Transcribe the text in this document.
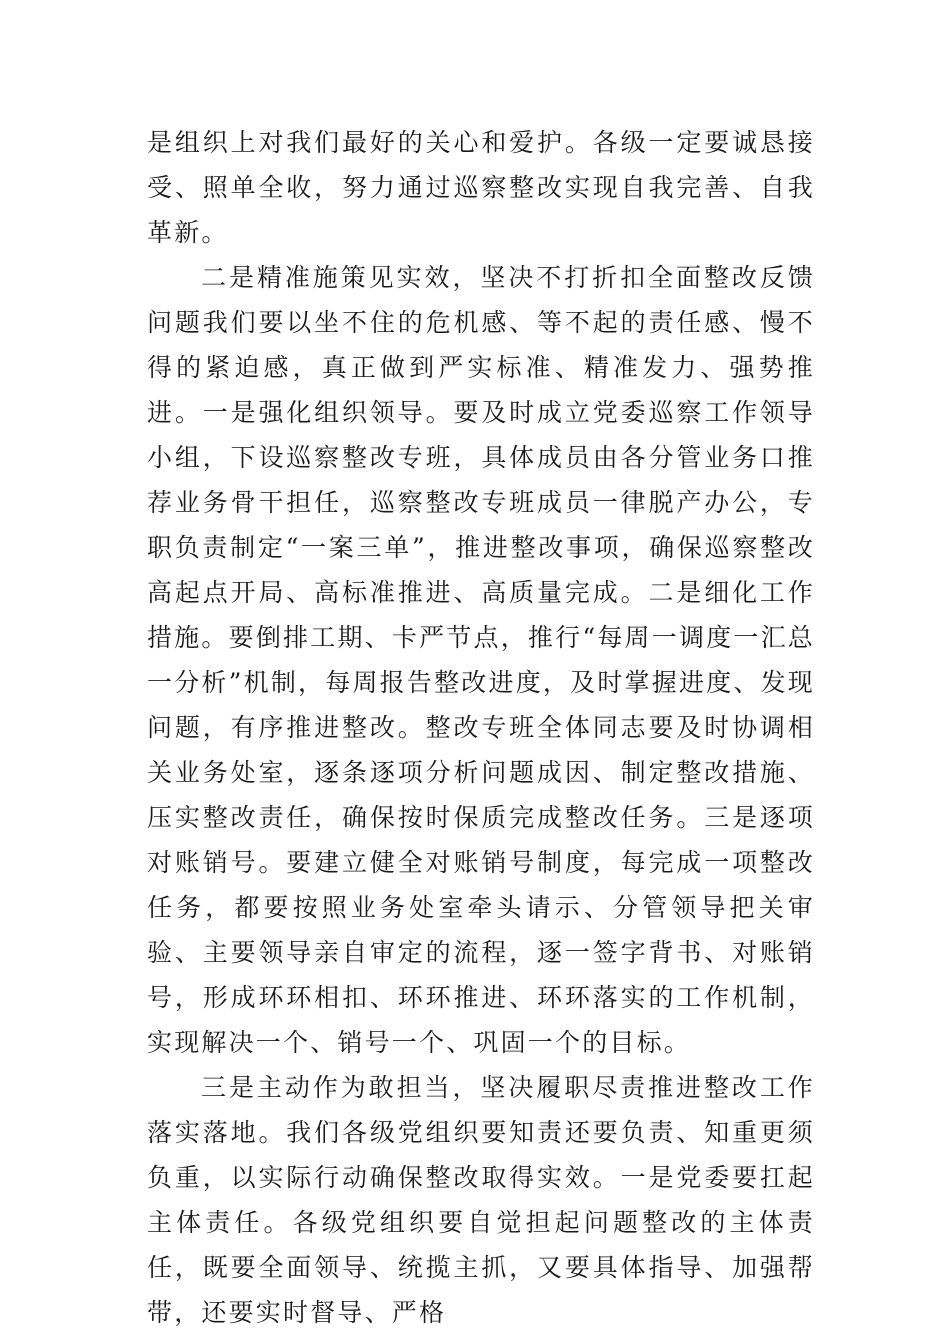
是组织上对我们最好的关心和爱护。各级一定要诚恳接受、照单全收，努力通过巡察整改实现自我完善、自我革新。

二是精准施策见实效，坚决不打折扣全面整改反馈问题我们要以坐不住的危机感、等不起的责任感、慢不得的紧迫感，真正做到严实标准、精准发力、强势推进。一是强化组织领导。要及时成立党委巡察工作领导小组，下设巡察整改专班，具体成员由各分管业务口推荐业务骨干担任，巡察整改专班成员一律脱产办公，专职负责制定“一案三单”，推进整改事项，确保巡察整改高起点开局、高标准推进、高质量完成。二是细化工作措施。要倒排工期、卡严节点，推行“每周一调度一汇总一分析”机制，每周报告整改进度，及时掌握进度、发现问题，有序推进整改。整改专班全体同志要及时协调相关业务处室，逐条逐项分析问题成因、制定整改措施、压实整改责任，确保按时保质完成整改任务。三是逐项对账销号。要建立健全对账销号制度，每完成一项整改任务，都要按照业务处室牵头请示、分管领导把关审验、主要领导亲自审定的流程，逐一签字背书、对账销号，形成环环相扣、环环推进、环环落实的工作机制，实现解决一个、销号一个、巩固一个的目标。

三是主动作为敢担当，坚决履职尽责推进整改工作落实落地。我们各级党组织要知责还要负责、知重更须负重，以实际行动确保整改取得实效。一是党委要扛起主体责任。各级党组织要自觉担起问题整改的主体责任，既要全面领导、统揽主抓，又要具体指导、加强帮带，还要实时督导、严格
